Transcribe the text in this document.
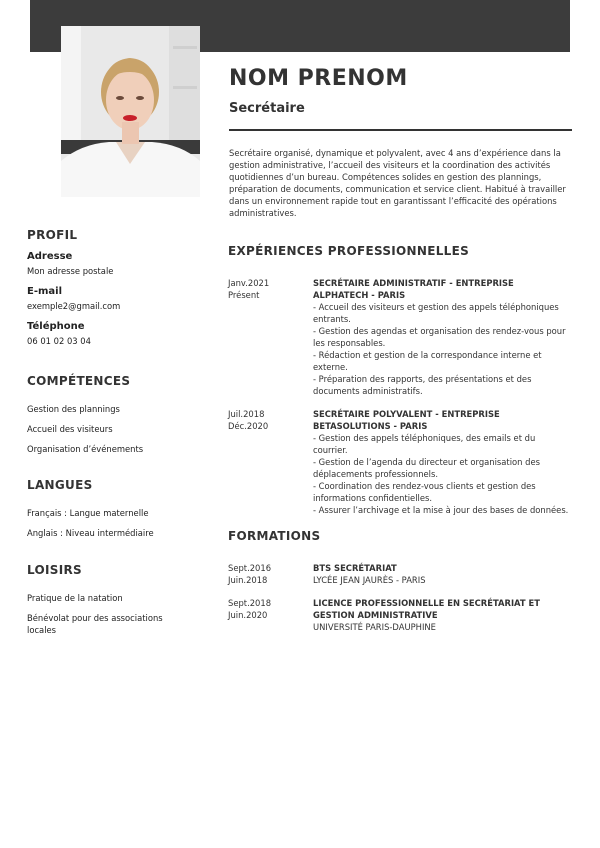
NOM PRENOM
Secrétaire
Secrétaire organisé, dynamique et polyvalent, avec 4 ans d’expérience dans la gestion administrative, l’accueil des visiteurs et la coordination des activités quotidiennes d’un bureau. Compétences solides en gestion des plannings, préparation de documents, communication et service client. Habitué à travailler dans un environnement rapide tout en garantissant l’efficacité des opérations administratives.
PROFIL
Adresse
Mon adresse postale
E-mail
exemple2@gmail.com
Téléphone
06 01 02 03 04
COMPÉTENCES
Gestion des plannings
Accueil des visiteurs
Organisation d’événements
LANGUES
Français : Langue maternelle
Anglais : Niveau intermédiaire
LOISIRS
Pratique de la natation
Bénévolat pour des associations locales
EXPÉRIENCES PROFESSIONNELLES
Janv.2021
Présent
SECRÉTAIRE ADMINISTRATIF - ENTREPRISE ALPHATECH - PARIS
- Accueil des visiteurs et gestion des appels téléphoniques entrants.
- Gestion des agendas et organisation des rendez-vous pour les responsables.
- Rédaction et gestion de la correspondance interne et externe.
- Préparation des rapports, des présentations et des documents administratifs.
Juil.2018
Déc.2020
SECRÉTAIRE POLYVALENT - ENTREPRISE BETASOLUTIONS - PARIS
- Gestion des appels téléphoniques, des emails et du courrier.
- Gestion de l’agenda du directeur et organisation des déplacements professionnels.
- Coordination des rendez-vous clients et gestion des informations confidentielles.
- Assurer l’archivage et la mise à jour des bases de données.
FORMATIONS
Sept.2016
Juin.2018
BTS SECRÉTARIAT
LYCÉE JEAN JAURÈS - PARIS
Sept.2018
Juin.2020
LICENCE PROFESSIONNELLE EN SECRÉTARIAT ET GESTION ADMINISTRATIVE
UNIVERSITÉ PARIS-DAUPHINE
